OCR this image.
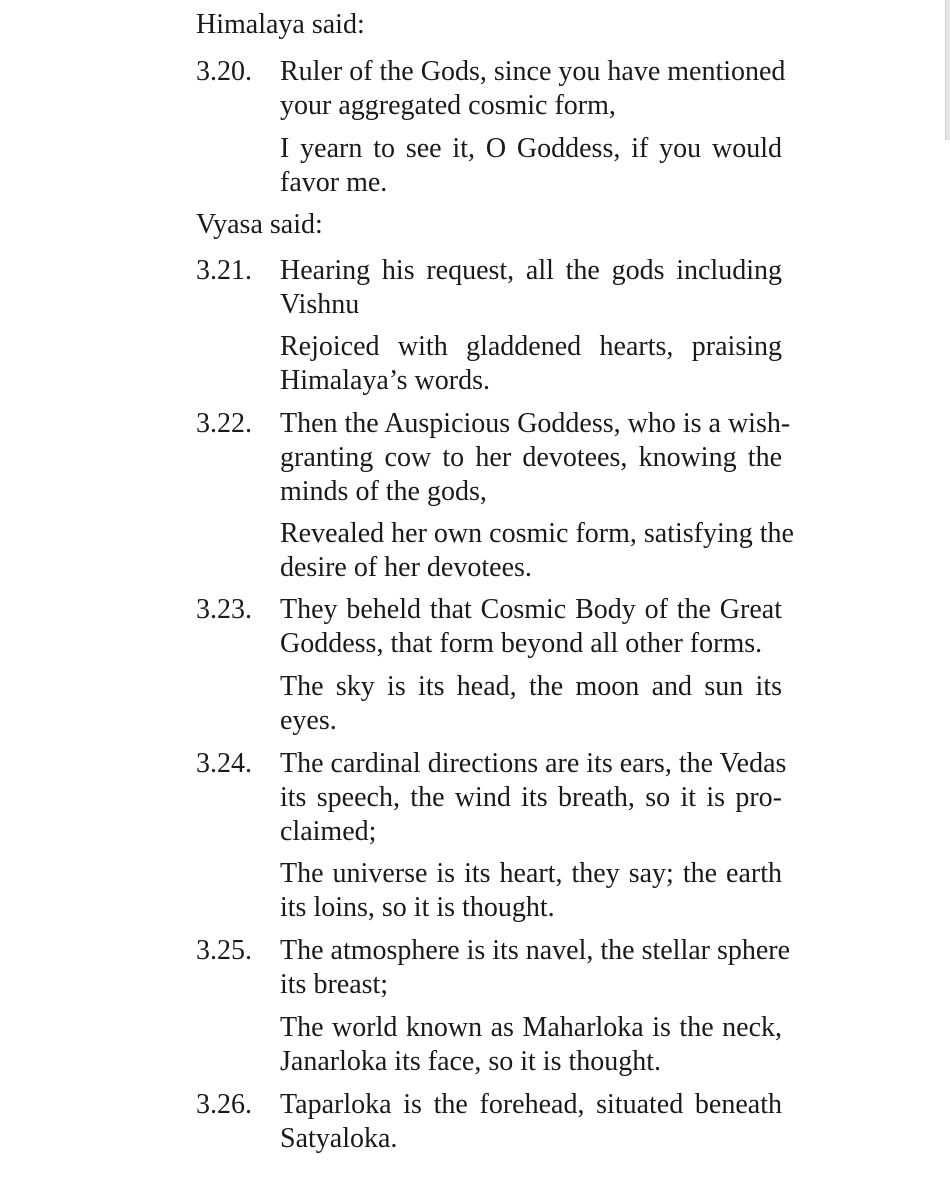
Himalaya said:
3.20. Ruler of the Gods, since you have mentioned
your aggregated cosmic form,
I yearn to see it, O Goddess, if you would
favor me.
Vyasa said:
3.21. Hearing his request, all the gods including
Vishnu
Rejoiced with gladdened hearts, praising
Himalaya’s words.
3.22. Then the Auspicious Goddess, who is a wish-
granting cow to her devotees, knowing the
minds of the gods,
Revealed her own cosmic form, satisfying the
desire of her devotees.
3.23. They beheld that Cosmic Body of the Great
Goddess, that form beyond all other forms.
The sky is its head, the moon and sun its
eyes.
3.24. The cardinal directions are its ears, the Vedas
its speech, the wind its breath, so it is pro-
claimed;
The universe is its heart, they say; the earth
its loins, so it is thought.
3.25. The atmosphere is its navel, the stellar sphere
its breast;
The world known as Maharloka is the neck,
Janarloka its face, so it is thought.
3.26. Taparloka is the forehead, situated beneath
Satyaloka.
